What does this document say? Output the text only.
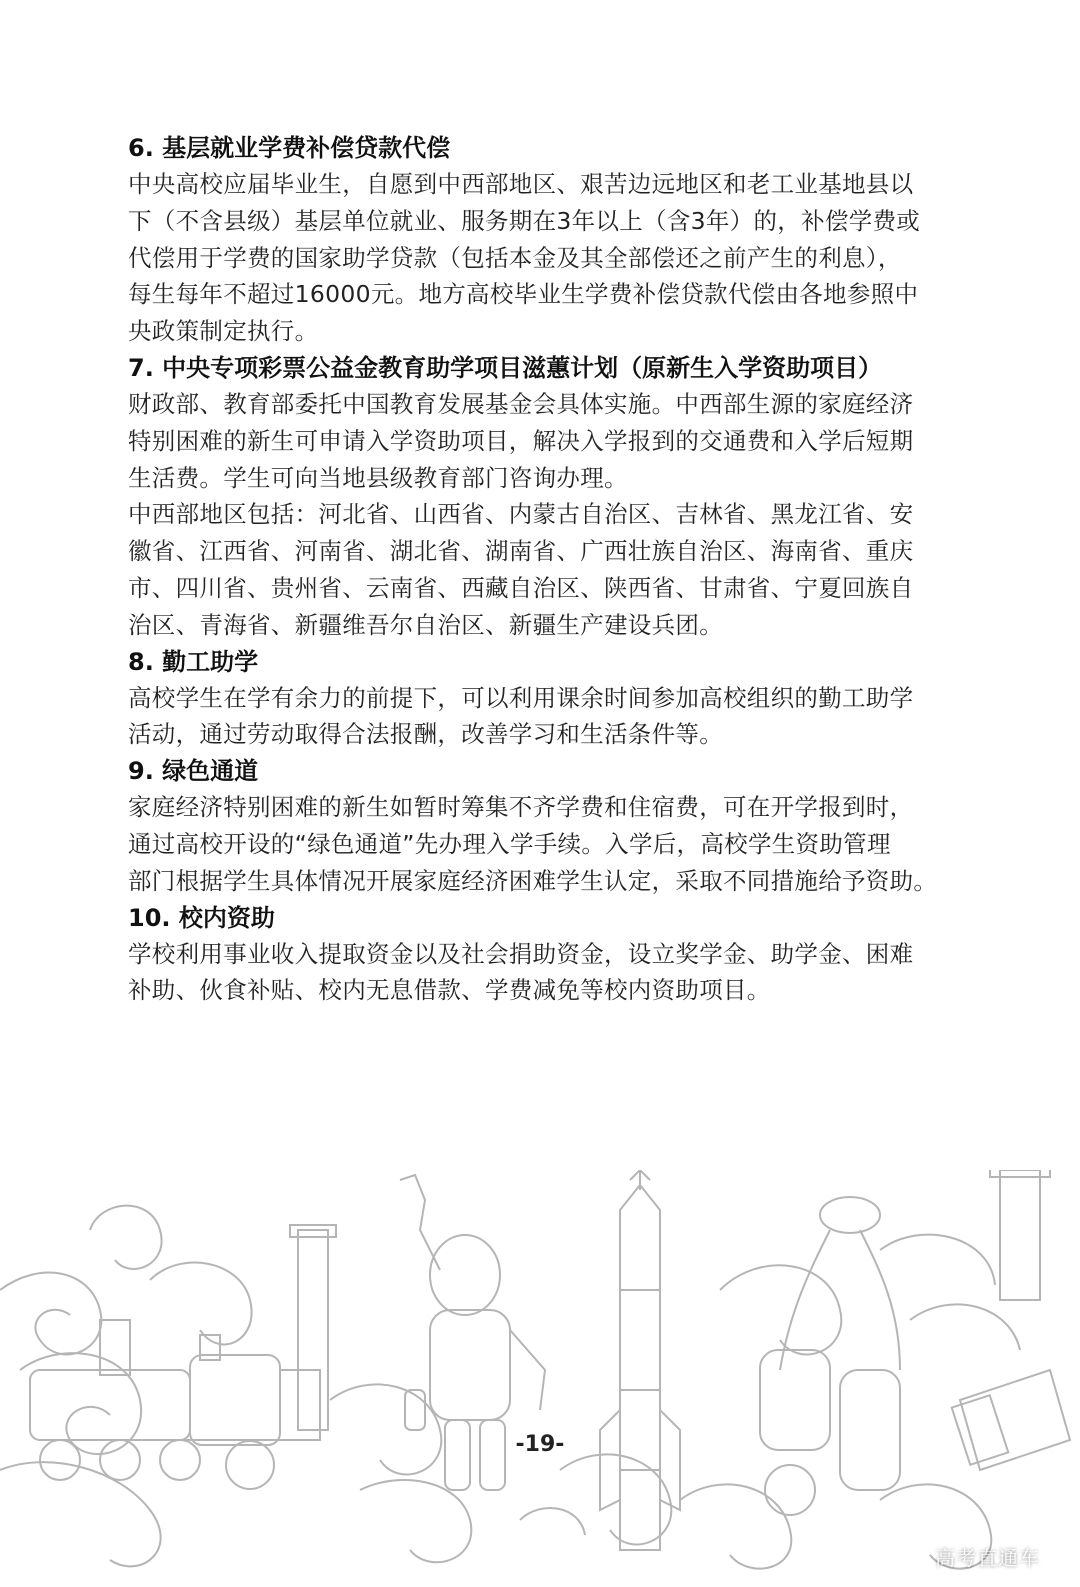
6. 基层就业学费补偿贷款代偿

中央高校应届毕业生，自愿到中西部地区、艰苦边远地区和老工业基地县以
下（不含县级）基层单位就业、服务期在3年以上（含3年）的，补偿学费或
代偿用于学费的国家助学贷款（包括本金及其全部偿还之前产生的利息），
每生每年不超过16000元。地方高校毕业生学费补偿贷款代偿由各地参照中
央政策制定执行。

7. 中央专项彩票公益金教育助学项目滋蕙计划（原新生入学资助项目）

财政部、教育部委托中国教育发展基金会具体实施。中西部生源的家庭经济
特别困难的新生可申请入学资助项目，解决入学报到的交通费和入学后短期
生活费。学生可向当地县级教育部门咨询办理。

中西部地区包括：河北省、山西省、内蒙古自治区、吉林省、黑龙江省、安
徽省、江西省、河南省、湖北省、湖南省、广西壮族自治区、海南省、重庆
市、四川省、贵州省、云南省、西藏自治区、陕西省、甘肃省、宁夏回族自
治区、青海省、新疆维吾尔自治区、新疆生产建设兵团。

8. 勤工助学

高校学生在学有余力的前提下，可以利用课余时间参加高校组织的勤工助学
活动，通过劳动取得合法报酬，改善学习和生活条件等。

9. 绿色通道

家庭经济特别困难的新生如暂时筹集不齐学费和住宿费，可在开学报到时，
通过高校开设的“绿色通道”先办理入学手续。入学后，高校学生资助管理
部门根据学生具体情况开展家庭经济困难学生认定，采取不同措施给予资助。

10. 校内资助

学校利用事业收入提取资金以及社会捐助资金，设立奖学金、助学金、困难
补助、伙食补贴、校内无息借款、学费减免等校内资助项目。

-19-
高考直通车
